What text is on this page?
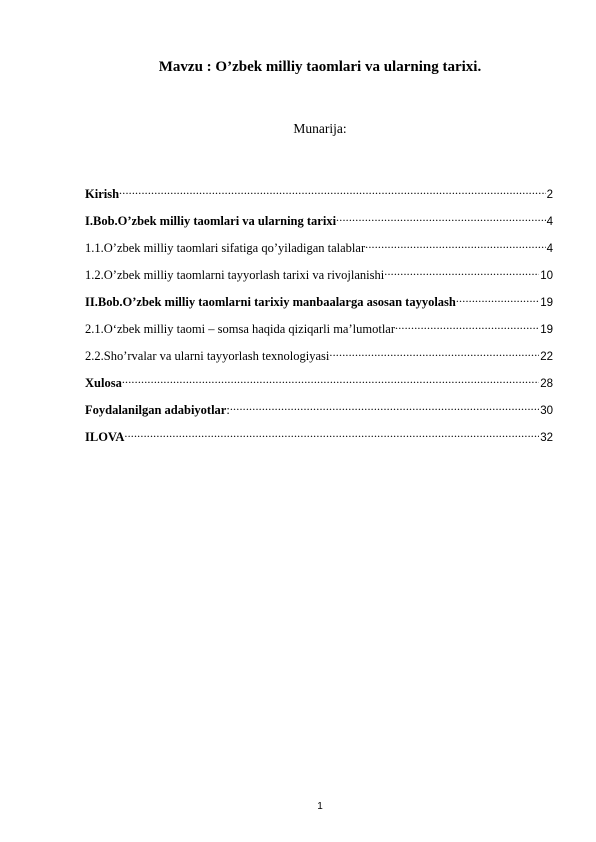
Mavzu : O’zbek milliy taomlari va ularning tarixi.
Munarija:
Kirish .....	2
I.Bob.O’zbek milliy taomlari va ularning tarixi .....	4
1.1.O’zbek milliy taomlari sifatiga qo’yiladigan talablar .....	4
1.2.O’zbek milliy taomlarni tayyorlash tarixi va rivojlanishi .....	10
II.Bob.O’zbek milliy taomlarni tarixiy manbaalarga asosan tayyolash .....	19
2.1.O‘zbek milliy taomi – somsa haqida qiziqarli ma’lumotlar .....	19
2.2.Sho’rvalar va ularni tayyorlash texnologiyasi .....	22
Xulosa .....	28
Foydalanilgan adabiyotlar : .....	30
ILOVA .....	32
1
